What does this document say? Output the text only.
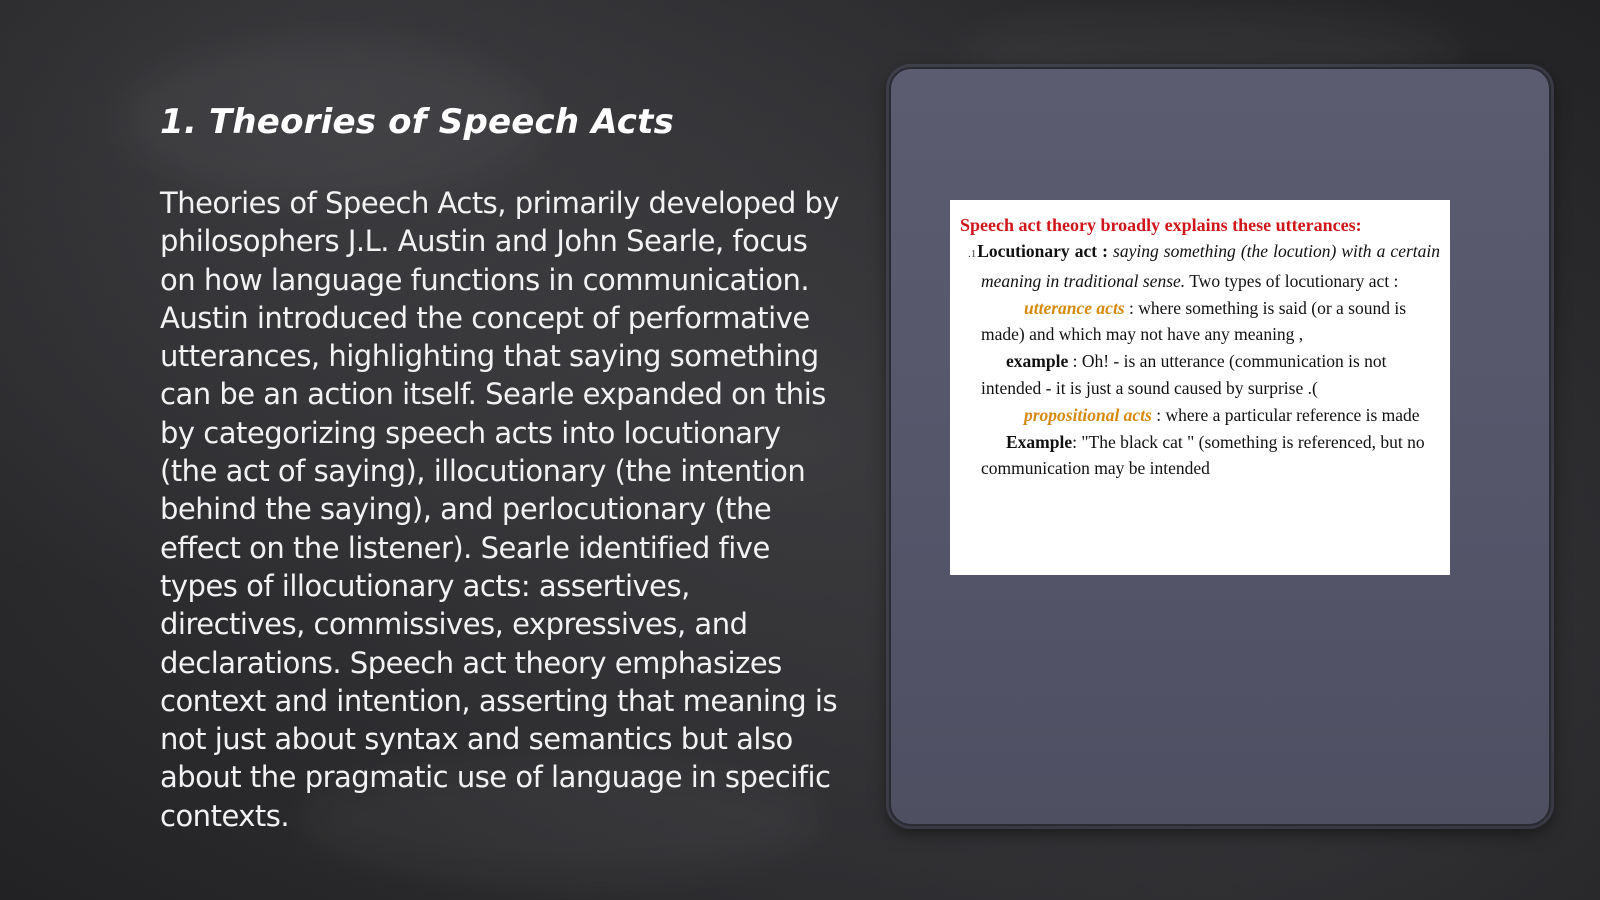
1. Theories of Speech Acts

Theories of Speech Acts, primarily developed by philosophers J.L. Austin and John Searle, focus on how language functions in communication. Austin introduced the concept of performative utterances, highlighting that saying something can be an action itself. Searle expanded on this by categorizing speech acts into locutionary (the act of saying), illocutionary (the intention behind the saying), and perlocutionary (the effect on the listener). Searle identified five types of illocutionary acts: assertives, directives, commissives, expressives, and declarations. Speech act theory emphasizes context and intention, asserting that meaning is not just about syntax and semantics but also about the pragmatic use of language in specific contexts.

Speech act theory broadly explains these utterances:

.1Locutionary act : saying something (the locution) with a certain meaning in traditional sense. Two types of locutionary act :

utterance acts : where something is said (or a sound is made) and which may not have any meaning ,

example : Oh! - is an utterance (communication is not intended - it is just a sound caused by surprise .(

propositional acts : where a particular reference is made

Example: "The black cat " (something is referenced, but no communication may be intended
